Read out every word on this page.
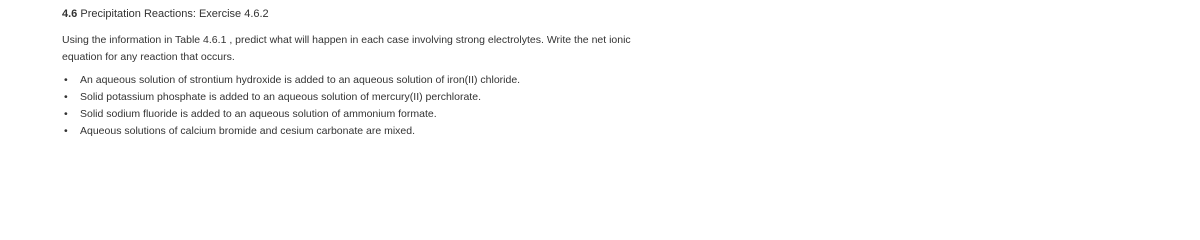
4.6 Precipitation Reactions: Exercise 4.6.2

Using the information in Table 4.6.1 , predict what will happen in each case involving strong electrolytes. Write the net ionic equation for any reaction that occurs.

• An aqueous solution of strontium hydroxide is added to an aqueous solution of iron(II) chloride.
• Solid potassium phosphate is added to an aqueous solution of mercury(II) perchlorate.
• Solid sodium fluoride is added to an aqueous solution of ammonium formate.
• Aqueous solutions of calcium bromide and cesium carbonate are mixed.
